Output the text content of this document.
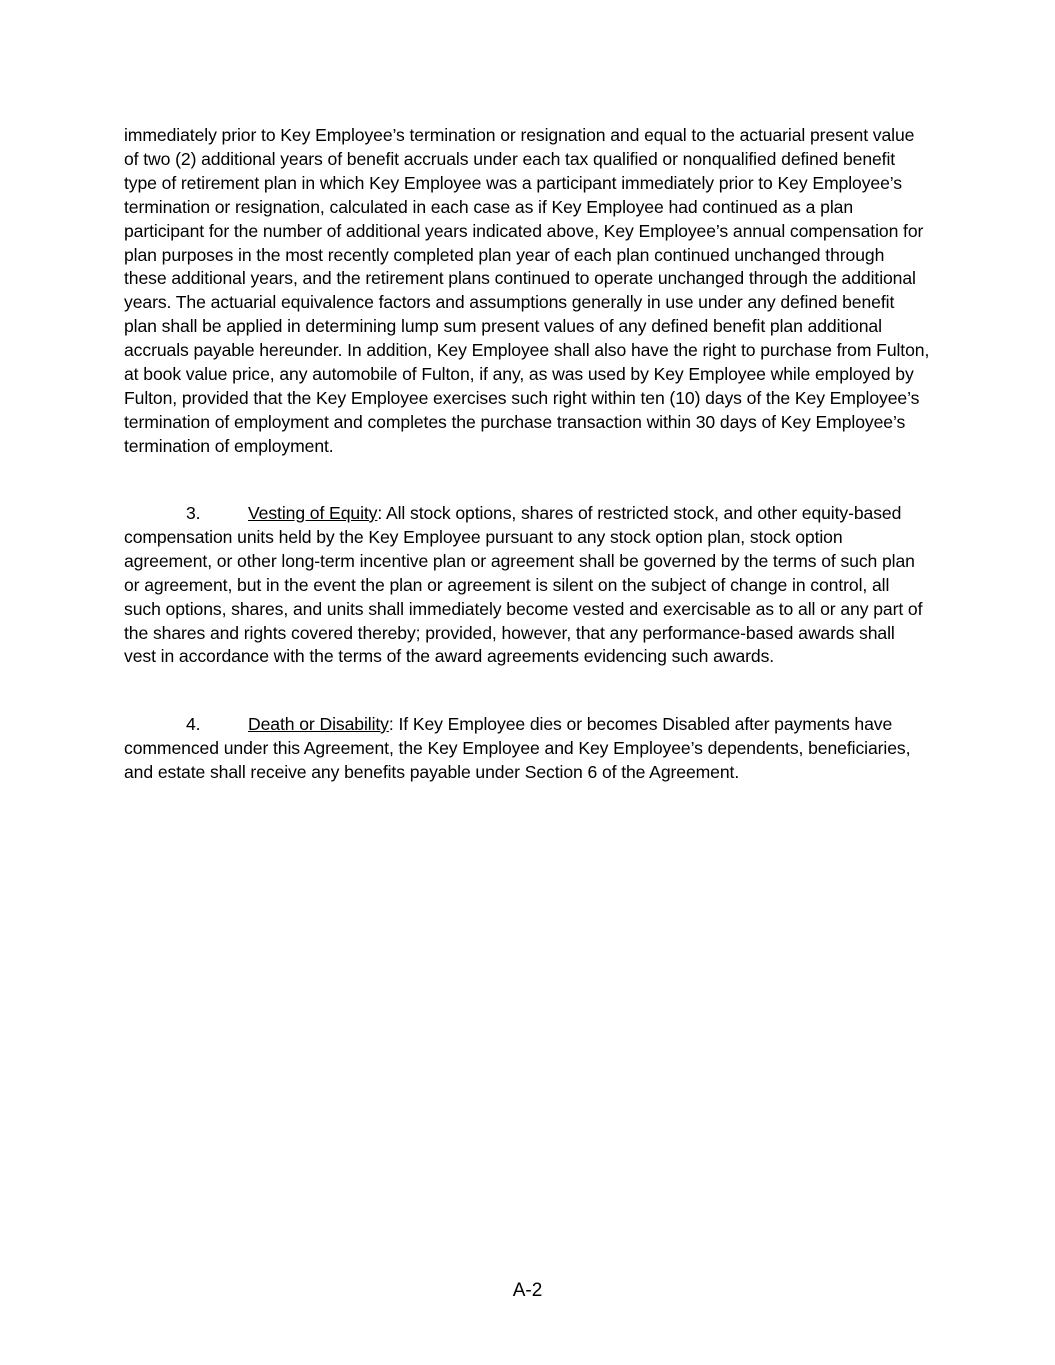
immediately prior to Key Employee’s termination or resignation and equal to the actuarial present value of two (2) additional years of benefit accruals under each tax qualified or nonqualified defined benefit type of retirement plan in which Key Employee was a participant immediately prior to Key Employee’s termination or resignation, calculated in each case as if Key Employee had continued as a plan participant for the number of additional years indicated above, Key Employee’s annual compensation for plan purposes in the most recently completed plan year of each plan continued unchanged through these additional years, and the retirement plans continued to operate unchanged through the additional years. The actuarial equivalence factors and assumptions generally in use under any defined benefit plan shall be applied in determining lump sum present values of any defined benefit plan additional accruals payable hereunder. In addition, Key Employee shall also have the right to purchase from Fulton, at book value price, any automobile of Fulton, if any, as was used by Key Employee while employed by Fulton, provided that the Key Employee exercises such right within ten (10) days of the Key Employee’s termination of employment and completes the purchase transaction within 30 days of Key Employee’s termination of employment.

3.	Vesting of Equity: All stock options, shares of restricted stock, and other equity-based compensation units held by the Key Employee pursuant to any stock option plan, stock option agreement, or other long-term incentive plan or agreement shall be governed by the terms of such plan or agreement, but in the event the plan or agreement is silent on the subject of change in control, all such options, shares, and units shall immediately become vested and exercisable as to all or any part of the shares and rights covered thereby; provided, however, that any performance-based awards shall vest in accordance with the terms of the award agreements evidencing such awards.

4.	Death or Disability: If Key Employee dies or becomes Disabled after payments have commenced under this Agreement, the Key Employee and Key Employee’s dependents, beneficiaries, and estate shall receive any benefits payable under Section 6 of the Agreement.

A-2
